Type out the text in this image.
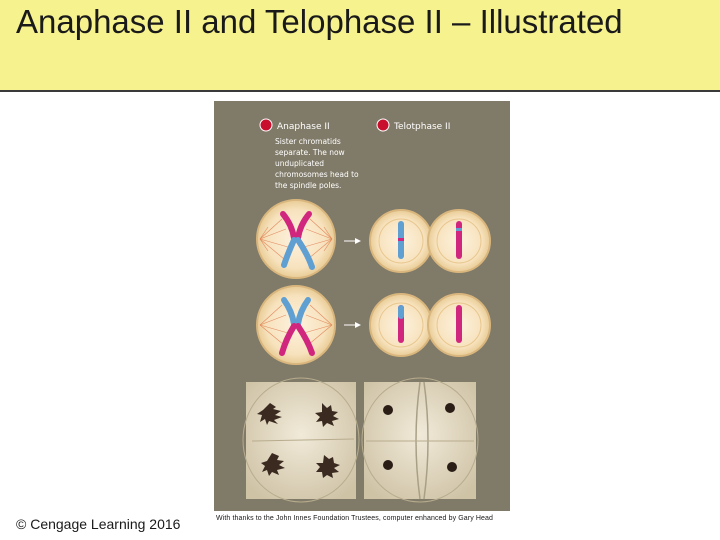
Anaphase II and Telophase II – Illustrated
Anaphase II	Telotphase II
Sister chromatids
separate. The now
unduplicated
chromosomes head to
the spindle poles.
© Cengage Learning 2016	With thanks to the John Innes Foundation Trustees, computer enhanced by Gary Head
